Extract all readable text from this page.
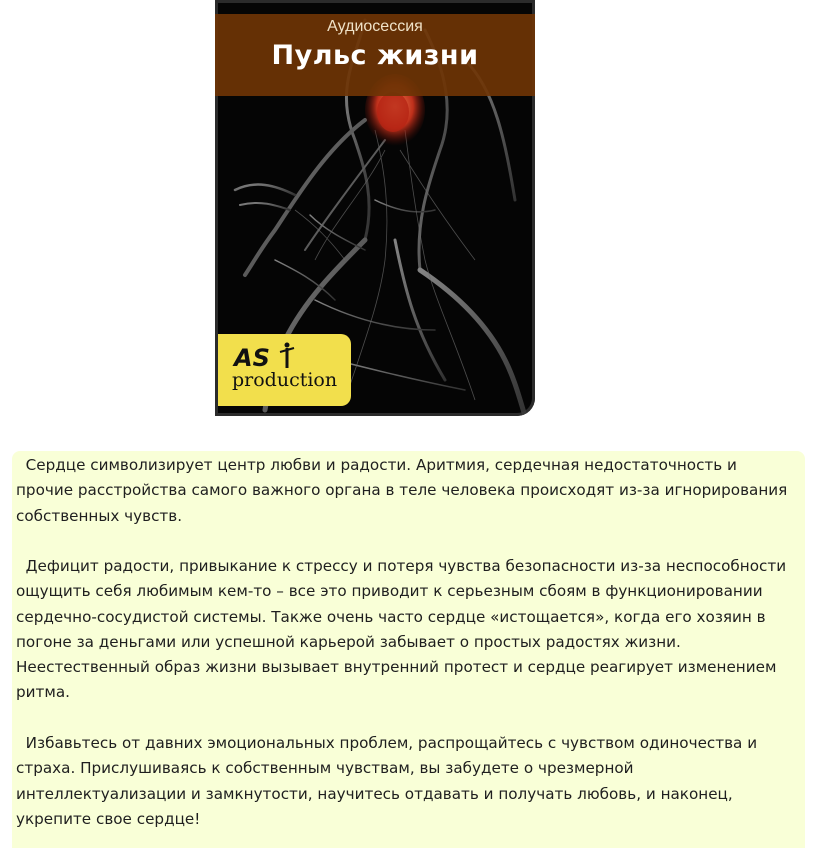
Аудиосессия
Пульс жизни
AS
production

Сердце символизирует центр любви и радости. Аритмия, сердечная недостаточность и прочие расстройства самого важного органа в теле человека происходят из-за игнорирования собственных чувств.

Дефицит радости, привыкание к стрессу и потеря чувства безопасности из-за неспособности ощущить себя любимым кем-то – все это приводит к серьезным сбоям в функционировании сердечно-сосудистой системы. Также очень часто сердце «истощается», когда его хозяин в погоне за деньгами или успешной карьерой забывает о простых радостях жизни. Неестественный образ жизни вызывает внутренний протест и сердце реагирует изменением ритма.

Избавьтесь от давних эмоциональных проблем, распрощайтесь с чувством одиночества и страха. Прислушиваясь к собственным чувствам, вы забудете о чрезмерной интеллектуализации и замкнутости, научитесь отдавать и получать любовь, и наконец, укрепите свое сердце!
